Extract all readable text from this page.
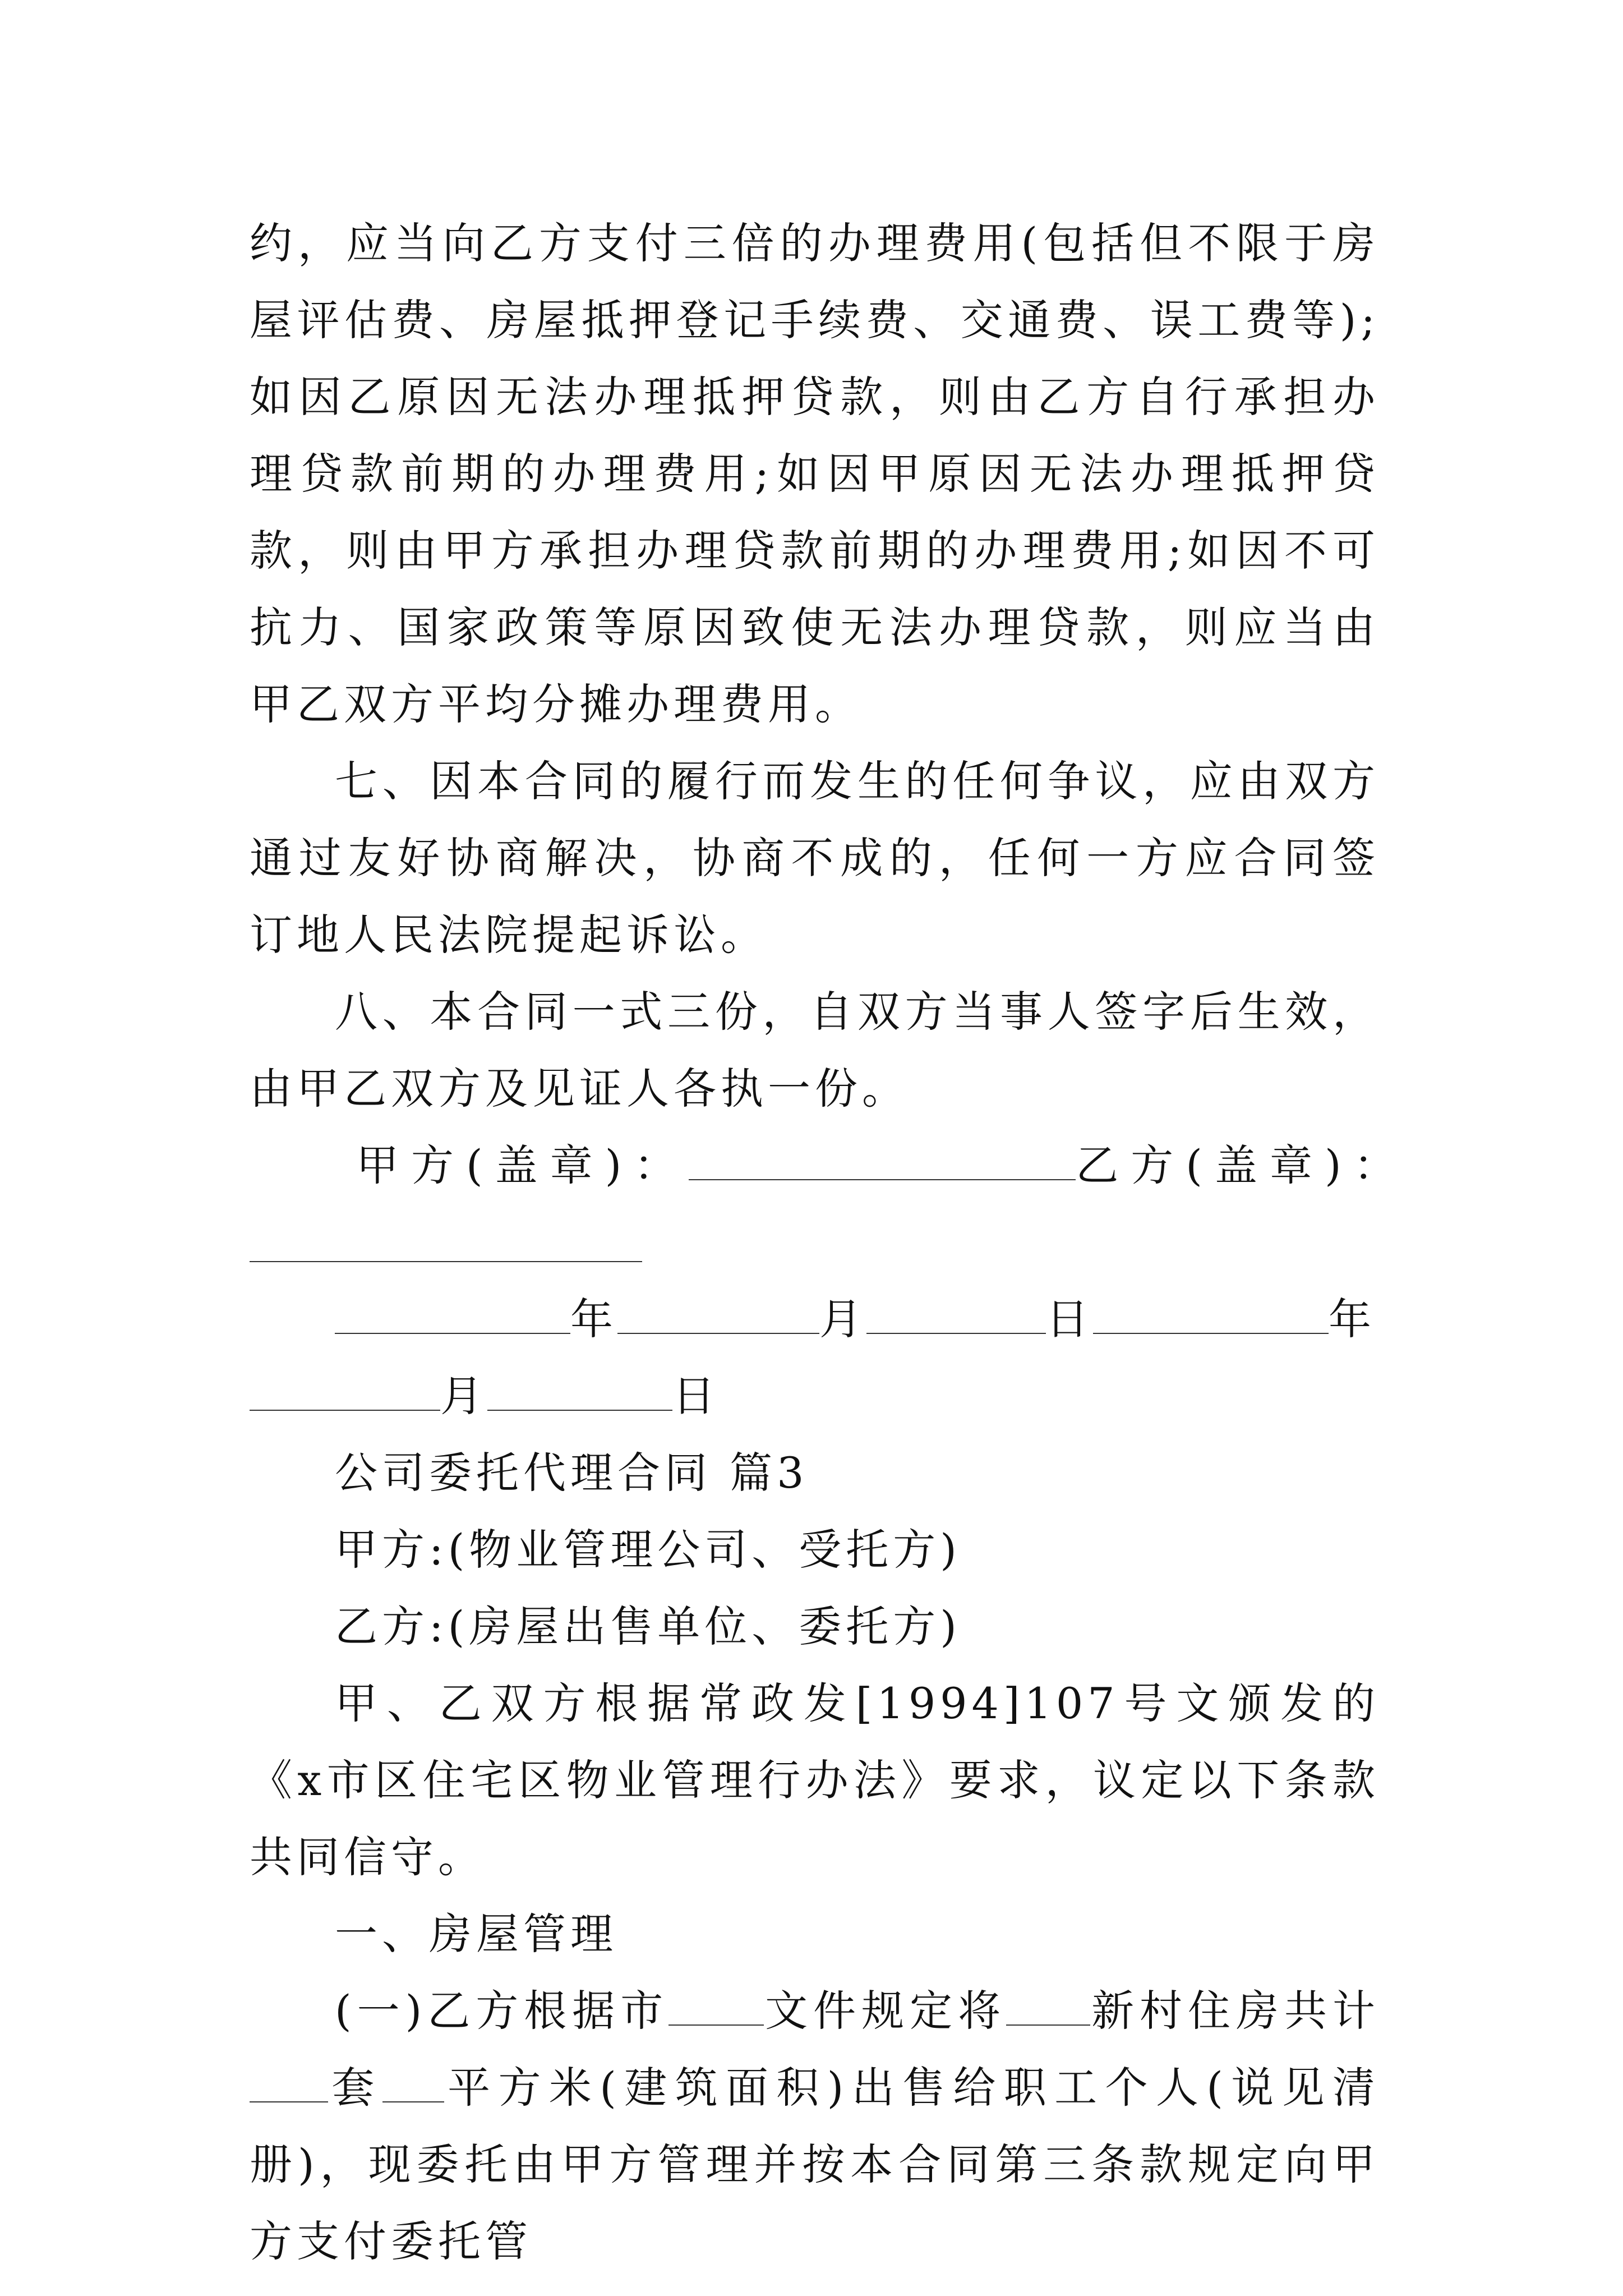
约，应当向乙方支付三倍的办理费用(包括但不限于房屋评估费、房屋抵押登记手续费、交通费、误工费等);如因乙原因无法办理抵押贷款，则由乙方自行承担办理贷款前期的办理费用;如因甲原因无法办理抵押贷款，则由甲方承担办理贷款前期的办理费用;如因不可抗力、国家政策等原因致使无法办理贷款，则应当由甲乙双方平均分摊办理费用。

七、因本合同的履行而发生的任何争议，应由双方通过友好协商解决，协商不成的，任何一方应合同签订地人民法院提起诉讼。

八、本合同一式三份，自双方当事人签字后生效，由甲乙双方及见证人各执一份。

甲方(盖章)：	乙方(盖章)：

年	月	日	年
月	日

公司委托代理合同 篇3

甲方:(物业管理公司、受托方)

乙方:(房屋出售单位、委托方)

甲、乙双方根据常政发[1994]107号文颁发的《x市区住宅区物业管理行办法》要求，议定以下条款共同信守。

一、房屋管理

(一)乙方根据市 文件规定将 新村住房共计套 平方米(建筑面积)出售给职工个人(说见清册)，现委托由甲方管理并按本合同第三条款规定向甲方支付委托管
